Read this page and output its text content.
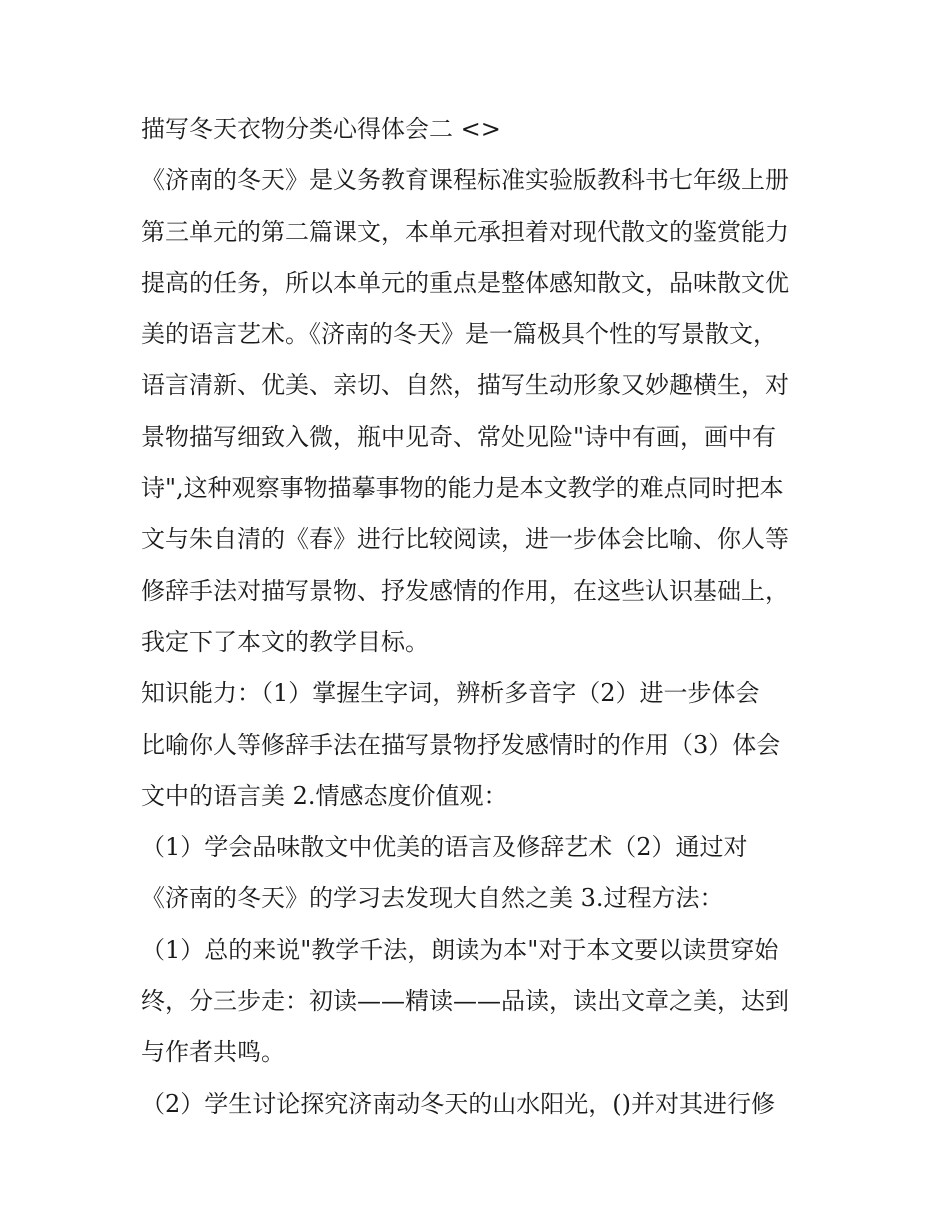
描写冬天衣物分类心得体会二 <>
《济南的冬天》是义务教育课程标准实验版教科书七年级上册
第三单元的第二篇课文，本单元承担着对现代散文的鉴赏能力
提高的任务，所以本单元的重点是整体感知散文，品味散文优
美的语言艺术。《济南的冬天》是一篇极具个性的写景散文，
语言清新、优美、亲切、自然，描写生动形象又妙趣横生，对
景物描写细致入微，瓶中见奇、常处见险"诗中有画，画中有
诗",这种观察事物描摹事物的能力是本文教学的难点同时把本
文与朱自清的《春》进行比较阅读，进一步体会比喻、你人等
修辞手法对描写景物、抒发感情的作用，在这些认识基础上，
我定下了本文的教学目标。
知识能力：（1）掌握生字词，辨析多音字（2）进一步体会
比喻你人等修辞手法在描写景物抒发感情时的作用（3）体会
文中的语言美 2.情感态度价值观：
（1）学会品味散文中优美的语言及修辞艺术（2）通过对
《济南的冬天》的学习去发现大自然之美 3.过程方法：
（1）总的来说"教学千法，朗读为本"对于本文要以读贯穿始
终，分三步走：初读——精读——品读，读出文章之美，达到
与作者共鸣。
（2）学生讨论探究济南动冬天的山水阳光，()并对其进行修
